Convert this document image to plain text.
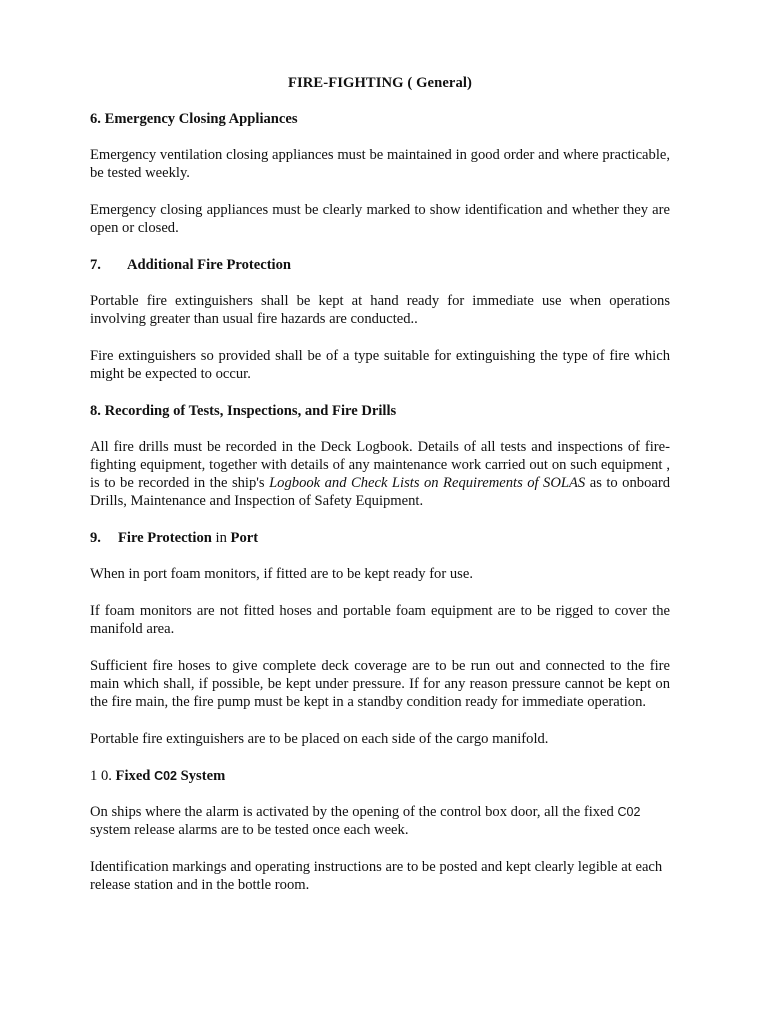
FIRE-FIGHTING ( General)
6. Emergency Closing Appliances

Emergency ventilation closing appliances must be maintained in good order and where practicable, be tested weekly.

Emergency closing appliances must be clearly marked to show identification and whether they are open or closed.

7. Additional Fire Protection

Portable fire extinguishers shall be kept at hand ready for immediate use when operations involving greater than usual fire hazards are conducted..

Fire extinguishers so provided shall be of a type suitable for extinguishing the type of fire which might be expected to occur.

8. Recording of Tests, Inspections, and Fire Drills

All fire drills must be recorded in the Deck Logbook. Details of all tests and inspections of fire-fighting equipment, together with details of any maintenance work carried out on such equipment , is to be recorded in the ship's Logbook and Check Lists on Requirements of SOLAS as to onboard Drills, Maintenance and Inspection of Safety Equipment.

9. Fire Protection in Port

When in port foam monitors, if fitted are to be kept ready for use.

If foam monitors are not fitted hoses and portable foam equipment are to be rigged to cover the manifold area.

Sufficient fire hoses to give complete deck coverage are to be run out and connected to the fire main which shall, if possible, be kept under pressure. If for any reason pressure cannot be kept on the fire main, the fire pump must be kept in a standby condition ready for immediate operation.

Portable fire extinguishers are to be placed on each side of the cargo manifold.

1 0. Fixed C02 System

On ships where the alarm is activated by the opening of the control box door, all the fixed C02 system release alarms are to be tested once each week.

Identification markings and operating instructions are to be posted and kept clearly legible at each release station and in the bottle room.
